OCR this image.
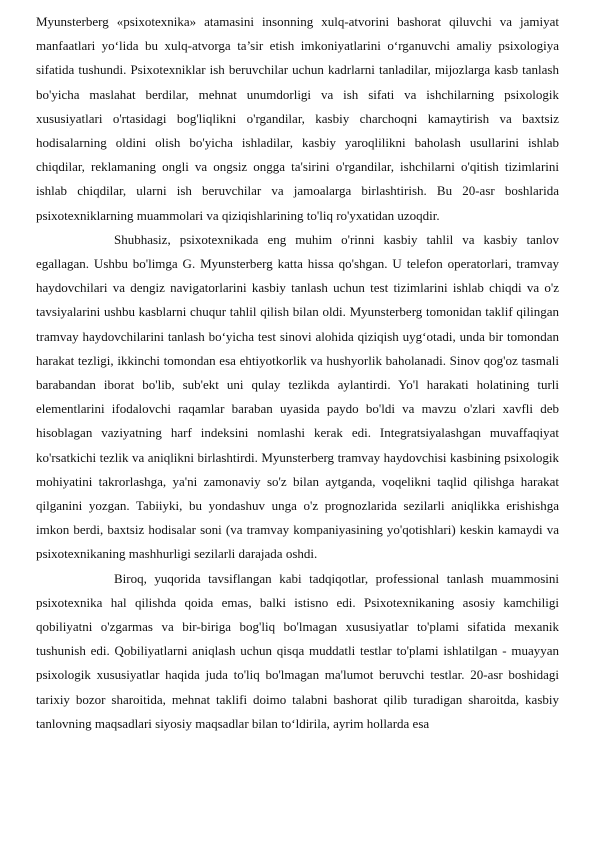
Myunsterberg «psixotexnika» atamasini insonning xulq-atvorini bashorat qiluvchi va jamiyat manfaatlari yo‘lida bu xulq-atvorga ta’sir etish imkoniyatlarini o‘rganuvchi amaliy psixologiya sifatida tushundi. Psixotexniklar ish beruvchilar uchun kadrlarni tanladilar, mijozlarga kasb tanlash bo'yicha maslahat berdilar, mehnat unumdorligi va ish sifati va ishchilarning psixologik xususiyatlari o'rtasidagi bog'liqlikni o'rgandilar, kasbiy charchoqni kamaytirish va baxtsiz hodisalarning oldini olish bo'yicha ishladilar, kasbiy yaroqlilikni baholash usullarini ishlab chiqdilar, reklamaning ongli va ongsiz ongga ta'sirini o'rgandilar, ishchilarni o'qitish tizimlarini ishlab chiqdilar, ularni ish beruvchilar va jamoalarga birlashtirish. Bu 20-asr boshlarida psixotexniklarning muammolari va qiziqishlarining to'liq ro'yxatidan uzoqdir.

Shubhasiz, psixotexnikada eng muhim o'rinni kasbiy tahlil va kasbiy tanlov egallagan. Ushbu bo'limga G. Myunsterberg katta hissa qo'shgan. U telefon operatorlari, tramvay haydovchilari va dengiz navigatorlarini kasbiy tanlash uchun test tizimlarini ishlab chiqdi va o'z tavsiyalarini ushbu kasblarni chuqur tahlil qilish bilan oldi. Myunsterberg tomonidan taklif qilingan tramvay haydovchilarini tanlash bo‘yicha test sinovi alohida qiziqish uyg‘otadi, unda bir tomondan harakat tezligi, ikkinchi tomondan esa ehtiyotkorlik va hushyorlik baholanadi. Sinov qog'oz tasmali barabandan iborat bo'lib, sub'ekt uni qulay tezlikda aylantirdi. Yo'l harakati holatining turli elementlarini ifodalovchi raqamlar baraban uyasida paydo bo'ldi va mavzu o'zlari xavfli deb hisoblagan vaziyatning harf indeksini nomlashi kerak edi. Integratsiyalashgan muvaffaqiyat ko'rsatkichi tezlik va aniqlikni birlashtirdi. Myunsterberg tramvay haydovchisi kasbining psixologik mohiyatini takrorlashga, ya'ni zamonaviy so'z bilan aytganda, voqelikni taqlid qilishga harakat qilganini yozgan. Tabiiyki, bu yondashuv unga o'z prognozlarida sezilarli aniqlikka erishishga imkon berdi, baxtsiz hodisalar soni (va tramvay kompaniyasining yo'qotishlari) keskin kamaydi va psixotexnikaning mashhurligi sezilarli darajada oshdi.

Biroq, yuqorida tavsiflangan kabi tadqiqotlar, professional tanlash muammosini psixotexnika hal qilishda qoida emas, balki istisno edi. Psixotexnikaning asosiy kamchiligi qobiliyatni o'zgarmas va bir-biriga bog'liq bo'lmagan xususiyatlar to'plami sifatida mexanik tushunish edi. Qobiliyatlarni aniqlash uchun qisqa muddatli testlar to'plami ishlatilgan - muayyan psixologik xususiyatlar haqida juda to'liq bo'lmagan ma'lumot beruvchi testlar. 20-asr boshidagi tarixiy bozor sharoitida, mehnat taklifi doimo talabni bashorat qilib turadigan sharoitda, kasbiy tanlovning maqsadlari siyosiy maqsadlar bilan to‘ldirila, ayrim hollarda esa
